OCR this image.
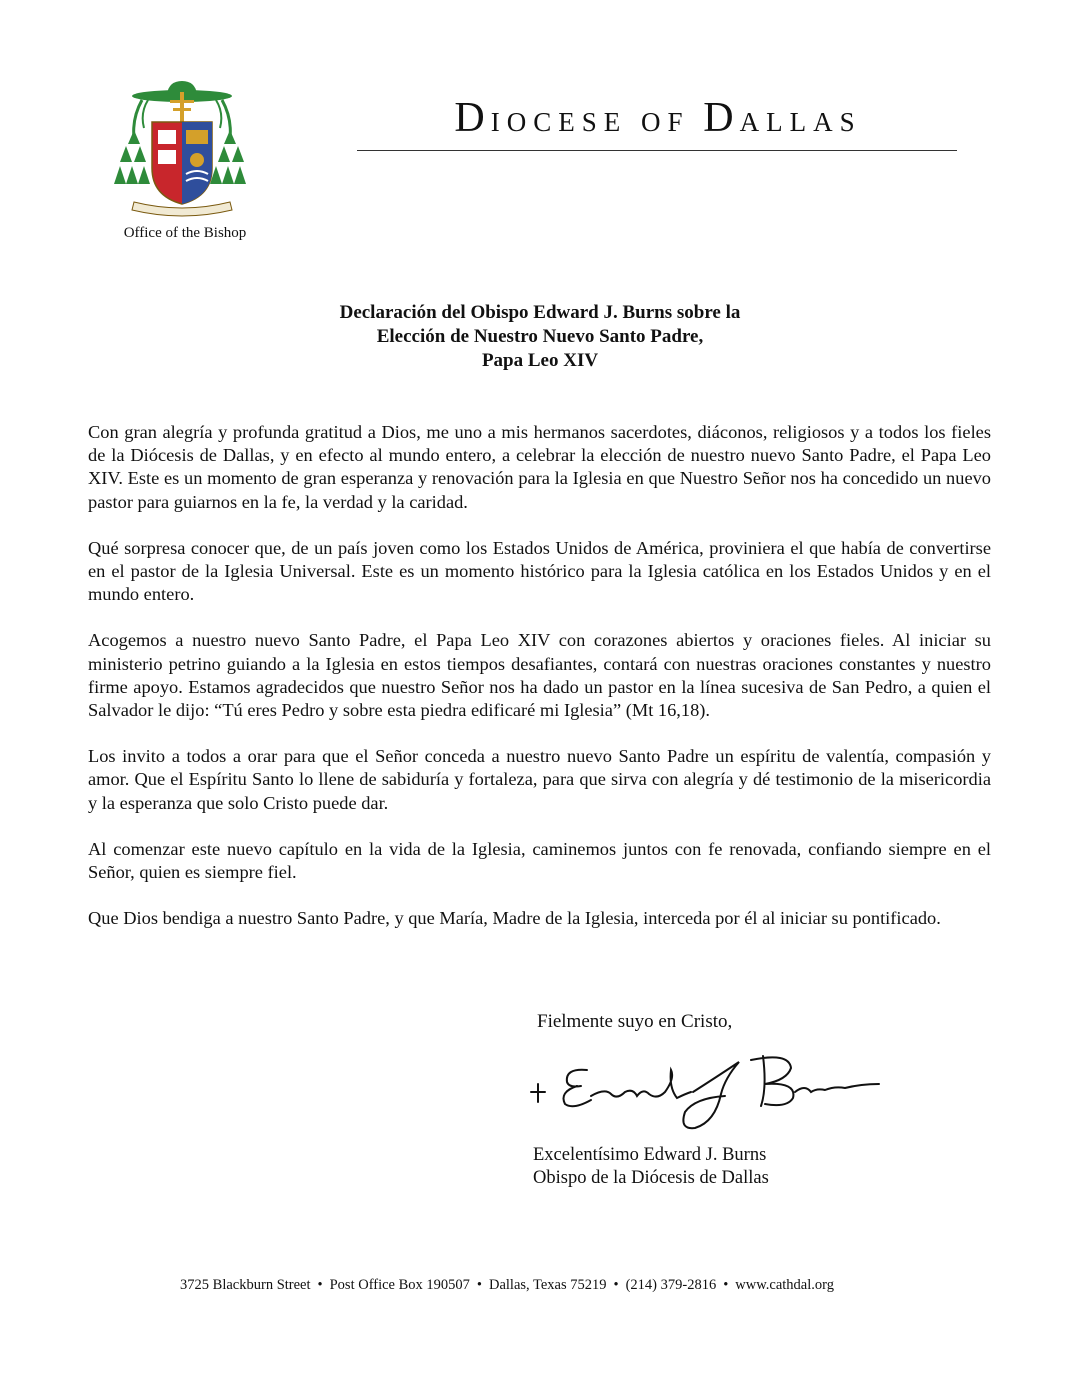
Office of the Bishop
DIOCESE OF DALLAS
Declaración del Obispo Edward J. Burns sobre la
Elección de Nuestro Nuevo Santo Padre,
Papa Leo XIV

Con gran alegría y profunda gratitud a Dios, me uno a mis hermanos sacerdotes, diáconos, religiosos y a todos los fieles de la Diócesis de Dallas, y en efecto al mundo entero, a celebrar la elección de nuestro nuevo Santo Padre, el Papa Leo XIV. Este es un momento de gran esperanza y renovación para la Iglesia en que Nuestro Señor nos ha concedido un nuevo pastor para guiarnos en la fe, la verdad y la caridad.

Qué sorpresa conocer que, de un país joven como los Estados Unidos de América, proviniera el que había de convertirse en el pastor de la Iglesia Universal. Este es un momento histórico para la Iglesia católica en los Estados Unidos y en el mundo entero.

Acogemos a nuestro nuevo Santo Padre, el Papa Leo XIV con corazones abiertos y oraciones fieles. Al iniciar su ministerio petrino guiando a la Iglesia en estos tiempos desafiantes, contará con nuestras oraciones constantes y nuestro firme apoyo. Estamos agradecidos que nuestro Señor nos ha dado un pastor en la línea sucesiva de San Pedro, a quien el Salvador le dijo: “Tú eres Pedro y sobre esta piedra edificaré mi Iglesia” (Mt 16,18).

Los invito a todos a orar para que el Señor conceda a nuestro nuevo Santo Padre un espíritu de valentía, compasión y amor. Que el Espíritu Santo lo llene de sabiduría y fortaleza, para que sirva con alegría y dé testimonio de la misericordia y la esperanza que solo Cristo puede dar.

Al comenzar este nuevo capítulo en la vida de la Iglesia, caminemos juntos con fe renovada, confiando siempre en el Señor, quien es siempre fiel.

Que Dios bendiga a nuestro Santo Padre, y que María, Madre de la Iglesia, interceda por él al iniciar su pontificado.

Fielmente suyo en Cristo,
Excelentísimo Edward J. Burns
Obispo de la Diócesis de Dallas
3725 Blackburn Street • Post Office Box 190507 • Dallas, Texas 75219 • (214) 379-2816 • www.cathdal.org
